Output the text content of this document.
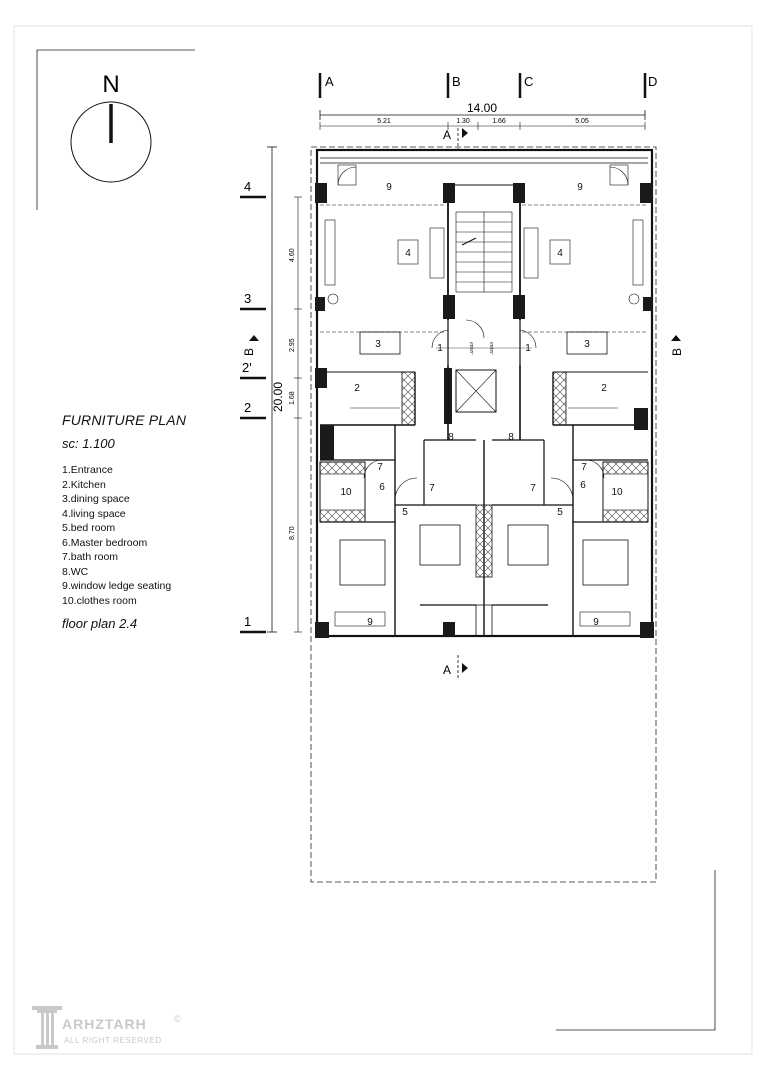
N	A	B	C	D
14.00
5.21	1.30	1.66	5.05
A
A
B	B
4
3
2'
2
1
20.00
4.60
2.95
1.68
8.70
9	9
4	4
3	3
1	1
2	2
8	8
7
7	7
7
6	6
10	10
5	5
9	9
enter enter

FURNITURE PLAN

sc: 1.100

1.Entrance
2.Kitchen
3.dining space
4.living space
5.bed room
6.Master bedroom
7.bath room
8.WC
9.window ledge seating
10.clothes room

floor plan 2.4

ARHZTARH
ALL RIGHT RESERVED
©
